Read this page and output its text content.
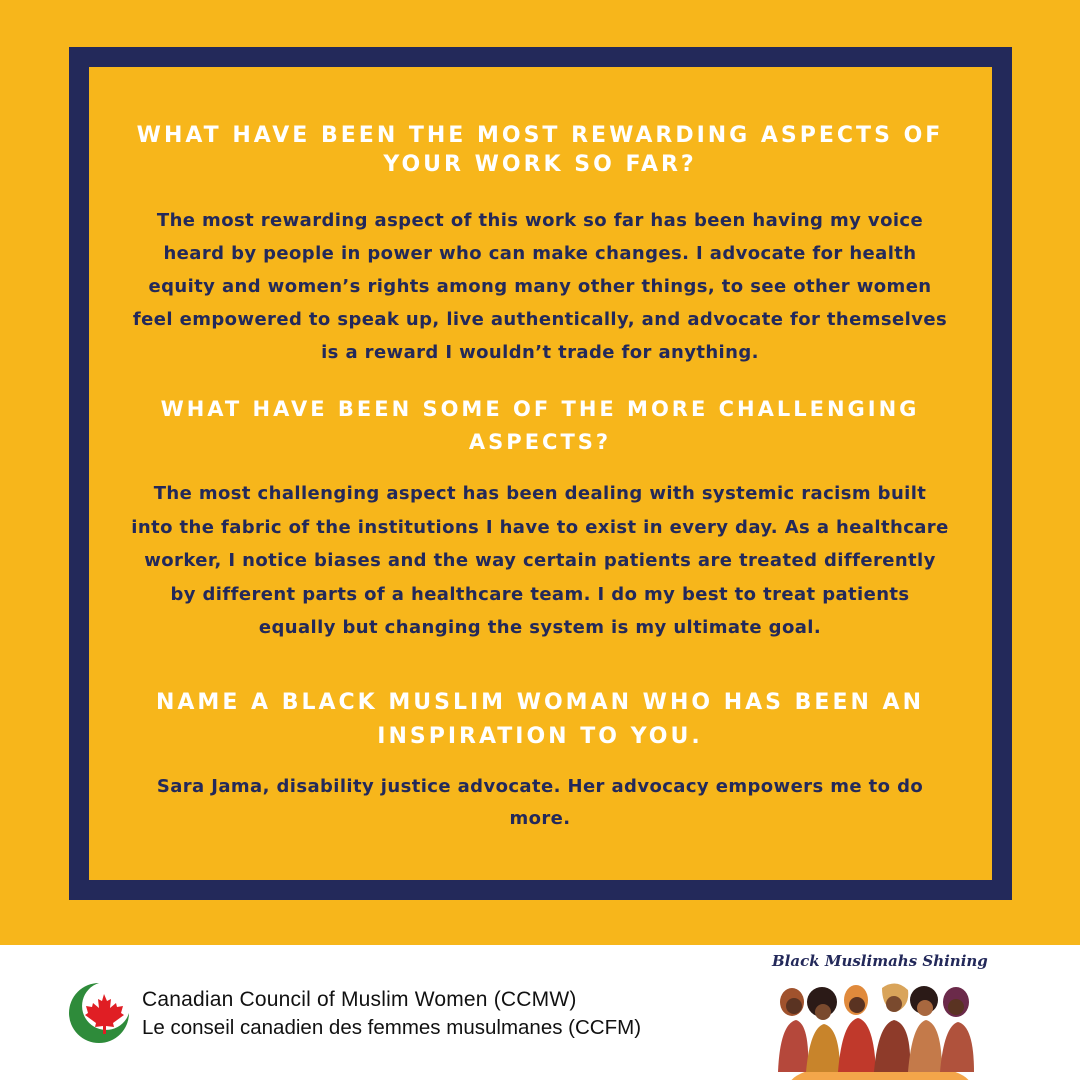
WHAT HAVE BEEN THE MOST REWARDING ASPECTS OF YOUR WORK SO FAR?
The most rewarding aspect of this work so far has been having my voice heard by people in power who can make changes. I advocate for health equity and women’s rights among many other things, to see other women feel empowered to speak up, live authentically, and advocate for themselves is a reward I wouldn’t trade for anything.
WHAT HAVE BEEN SOME OF THE MORE CHALLENGING ASPECTS?
The most challenging aspect has been dealing with systemic racism built into the fabric of the institutions I have to exist in every day. As a healthcare worker, I notice biases and the way certain patients are treated differently by different parts of a healthcare team. I do my best to treat patients equally but changing the system is my ultimate goal.
NAME A BLACK MUSLIM WOMAN WHO HAS BEEN AN INSPIRATION TO YOU.
Sara Jama, disability justice advocate. Her advocacy empowers me to do more.
Canadian Council of Muslim Women (CCMW)
Le conseil canadien des femmes musulmanes (CCFM)
Black Muslimahs Shining
